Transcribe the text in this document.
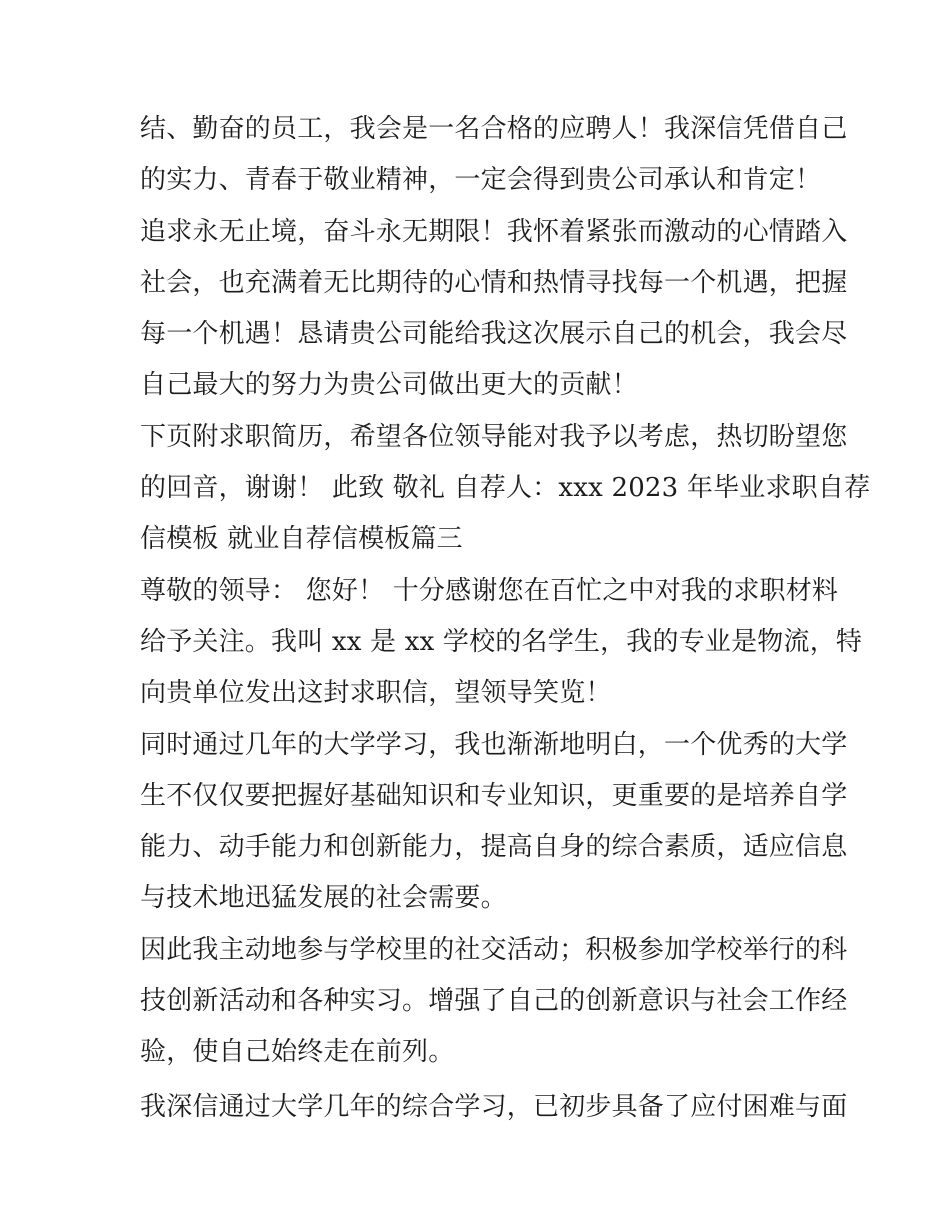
结、勤奋的员工，我会是一名合格的应聘人！我深信凭借自己
的实力、青春于敬业精神，一定会得到贵公司承认和肯定！
追求永无止境，奋斗永无期限！我怀着紧张而激动的心情踏入
社会，也充满着无比期待的心情和热情寻找每一个机遇，把握
每一个机遇！恳请贵公司能给我这次展示自己的机会，我会尽
自己最大的努力为贵公司做出更大的贡献！
下页附求职简历，希望各位领导能对我予以考虑，热切盼望您
的回音，谢谢！ 此致 敬礼 自荐人：xxx 2023 年毕业求职自荐
信模板 就业自荐信模板篇三
尊敬的领导： 您好！ 十分感谢您在百忙之中对我的求职材料
给予关注。我叫 xx 是 xx 学校的名学生，我的专业是物流，特
向贵单位发出这封求职信，望领导笑览！
同时通过几年的大学学习，我也渐渐地明白，一个优秀的大学
生不仅仅要把握好基础知识和专业知识，更重要的是培养自学
能力、动手能力和创新能力，提高自身的综合素质，适应信息
与技术地迅猛发展的社会需要。
因此我主动地参与学校里的社交活动；积极参加学校举行的科
技创新活动和各种实习。增强了自己的创新意识与社会工作经
验，使自己始终走在前列。
我深信通过大学几年的综合学习，已初步具备了应付困难与面
